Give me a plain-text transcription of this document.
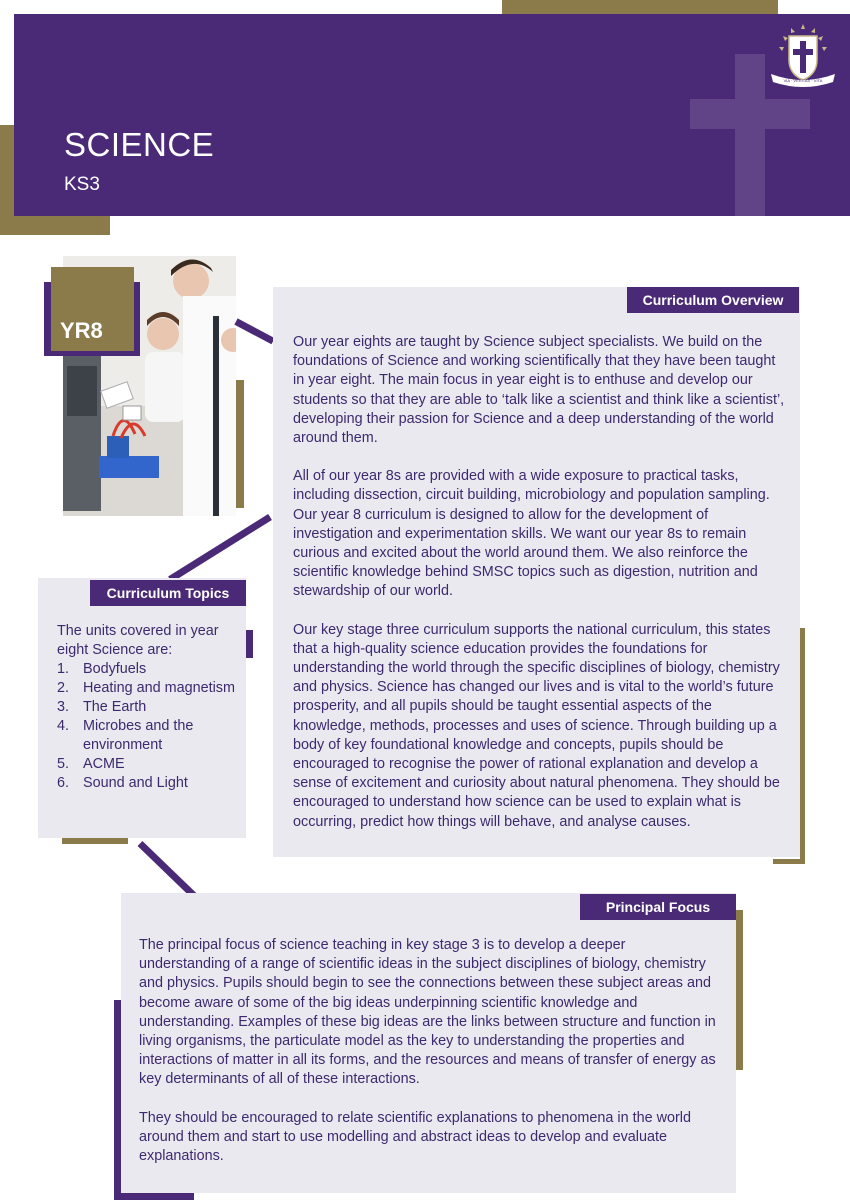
SCIENCE
KS3
VIA · VERITAS · VITA
YR8
Curriculum Overview

Our year eights are taught by Science subject specialists. We build on the foundations of Science and working scientifically that they have been taught in year eight. The main focus in year eight is to enthuse and develop our students so that they are able to ‘talk like a scientist and think like a scientist’, developing their passion for Science and a deep understanding of the world around them.

All of our year 8s are provided with a wide exposure to practical tasks, including dissection, circuit building, microbiology and population sampling. Our year 8 curriculum is designed to allow for the development of investigation and experimentation skills. We want our year 8s to remain curious and excited about the world around them. We also reinforce the scientific knowledge behind SMSC topics such as digestion, nutrition and stewardship of our world.

Our key stage three curriculum supports the national curriculum, this states that a high-quality science education provides the foundations for understanding the world through the specific disciplines of biology, chemistry and physics. Science has changed our lives and is vital to the world’s future prosperity, and all pupils should be taught essential aspects of the knowledge, methods, processes and uses of science. Through building up a body of key foundational knowledge and concepts, pupils should be encouraged to recognise the power of rational explanation and develop a sense of excitement and curiosity about natural phenomena. They should be encouraged to understand how science can be used to explain what is occurring, predict how things will behave, and analyse causes.

Curriculum Topics
The units covered in year eight Science are:
1. Bodyfuels
2. Heating and magnetism
3. The Earth
4. Microbes and the environment
5. ACME
6. Sound and Light
Principal Focus

The principal focus of science teaching in key stage 3 is to develop a deeper understanding of a range of scientific ideas in the subject disciplines of biology, chemistry and physics. Pupils should begin to see the connections between these subject areas and become aware of some of the big ideas underpinning scientific knowledge and understanding. Examples of these big ideas are the links between structure and function in living organisms, the particulate model as the key to understanding the properties and interactions of matter in all its forms, and the resources and means of transfer of energy as key determinants of all of these interactions.

They should be encouraged to relate scientific explanations to phenomena in the world around them and start to use modelling and abstract ideas to develop and evaluate explanations.
